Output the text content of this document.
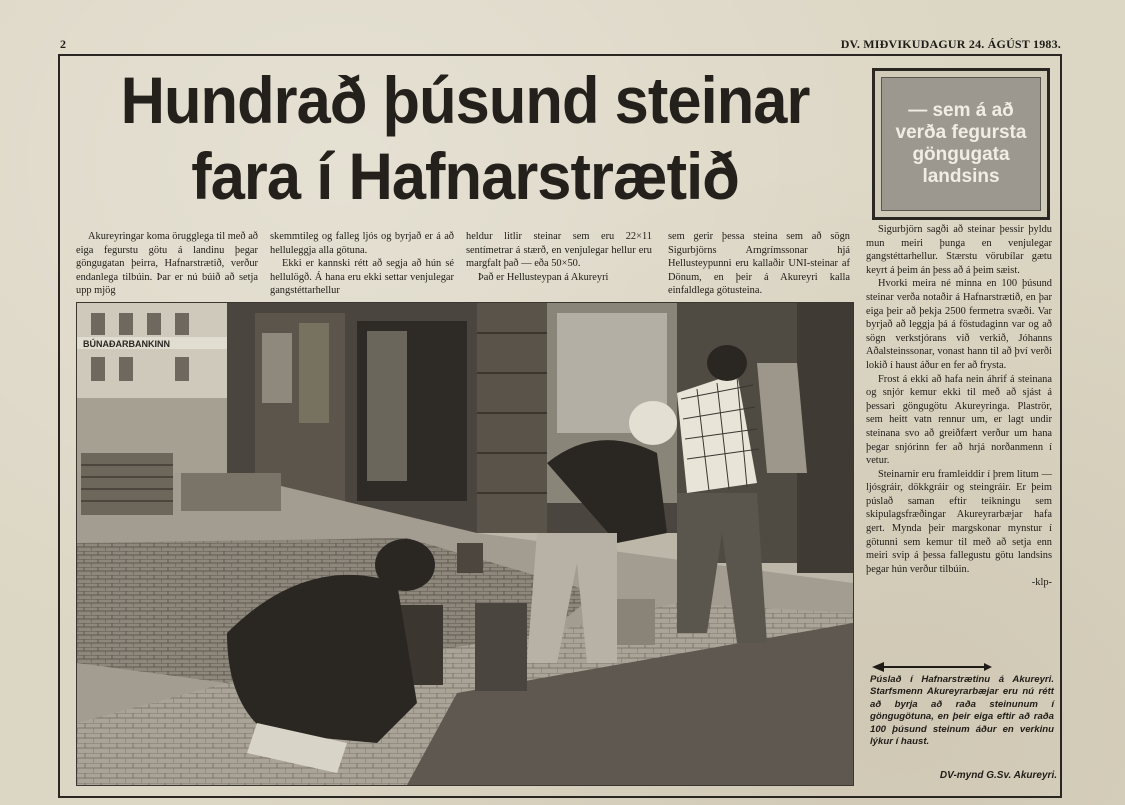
2	DV. MIÐVIKUDAGUR 24. ÁGÚST 1983.
Hundrað þúsund steinar fara í Hafnarstrætið
— sem á að verða fegursta göngugata landsins

Akureyringar koma örugglega til með að eiga fegurstu götu á landinu þegar göngugatan þeirra, Hafnarstrætið, verður endanlega tilbúin. Þar er nú búið að setja upp mjög

skemmtileg og falleg ljós og byrjað er á að helluleggja alla götuna.

Ekki er kannski rétt að segja að hún sé hellulögð. Á hana eru ekki settar venjulegar gangstéttarhellur

heldur litlir steinar sem eru 22×11 sentímetrar á stærð, en venjulegar hellur eru margfalt það — eða 50×50.

Það er Hellusteypan á Akureyri

sem gerir þessa steina sem að sögn Sigurbjörns Arngrímssonar hjá Hellusteypunni eru kallaðir UNI-steinar af Dönum, en þeir á Akureyri kalla einfaldlega götusteina.

Sigurbjörn sagði að steinar þessir þyldu mun meiri þunga en venjulegar gangstéttarhellur. Stærstu vörubílar gætu keyrt á þeim án þess að á þeim sæist.

Hvorki meira né minna en 100 þúsund steinar verða notaðir á Hafnarstrætið, en þar eiga þeir að þekja 2500 fermetra svæði. Var byrjað að leggja þá á föstudaginn var og að sögn verkstjórans við verkið, Jóhanns Aðalsteinssonar, vonast hann til að því verði lokið í haust áður en fer að frysta.

Frost á ekki að hafa nein áhrif á steinana og snjór kemur ekki til með að sjást á þessari göngugötu Akureyringa. Plaströr, sem heitt vatn rennur um, er lagt undir steinana svo að greiðfært verður um hana þegar snjórinn fer að hrjá norðanmenn í vetur.

Steinarnir eru framleiddir í þrem litum — ljósgráir, dökkgráir og steingráir. Er þeim púslað saman eftir teikningu sem skipulagsfræðingar Akureyrarbæjar hafa gert. Mynda þeir margskonar mynstur í götunni sem kemur til með að setja enn meiri svip á þessa fallegustu götu landsins þegar hún verður tilbúin.

-klp-

BÚNAÐARBANKINN
Púslað í Hafnarstrætinu á Akureyri. Starfsmenn Akureyrarbæjar eru nú rétt að byrja að raða steinunum í göngugötuna, en þeir eiga eftir að raða 100 þúsund steinum áður en verkinu lýkur í haust.
DV-mynd G.Sv. Akureyri.
